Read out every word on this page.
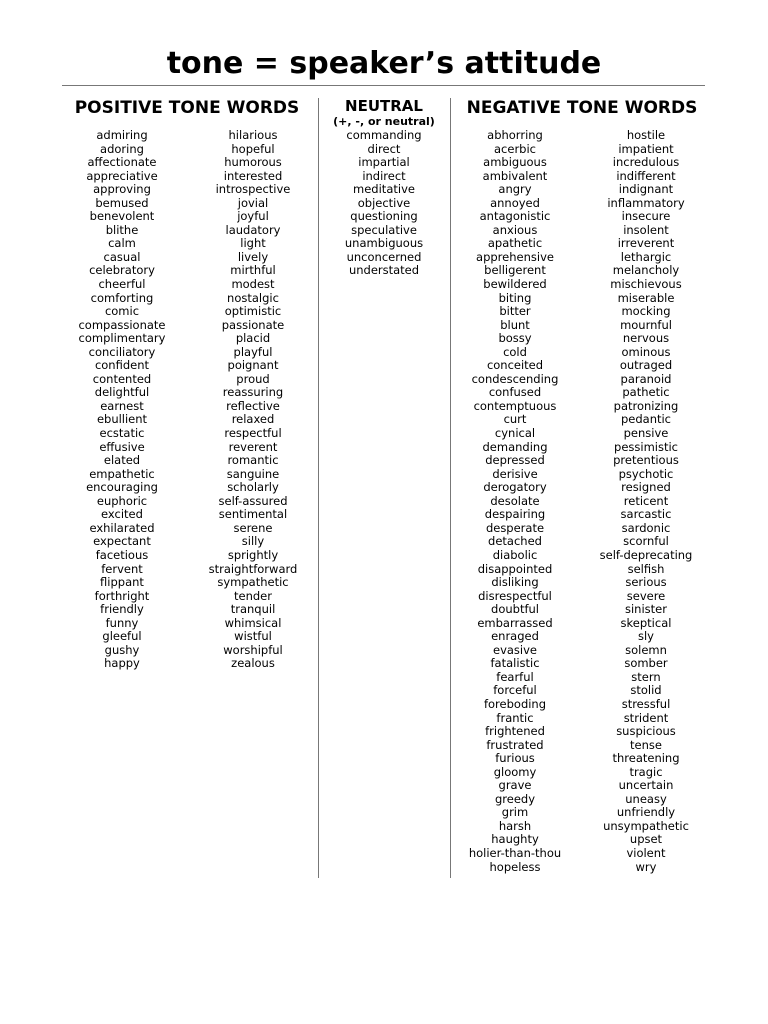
tone = speaker’s attitude
POSITIVE TONE WORDS	NEUTRAL
(+, -, or neutral)
NEGATIVE TONE WORDS
admiring
adoring
affectionate
appreciative
approving
bemused
benevolent
blithe
calm
casual
celebratory
cheerful
comforting
comic
compassionate
complimentary
conciliatory
confident
contented
delightful
earnest
ebullient
ecstatic
effusive
elated
empathetic
encouraging
euphoric
excited
exhilarated
expectant
facetious
fervent
flippant
forthright
friendly
funny
gleeful
gushy
happy
hilarious
hopeful
humorous
interested
introspective
jovial
joyful
laudatory
light
lively
mirthful
modest
nostalgic
optimistic
passionate
placid
playful
poignant
proud
reassuring
reflective
relaxed
respectful
reverent
romantic
sanguine
scholarly
self-assured
sentimental
serene
silly
sprightly
straightforward
sympathetic
tender
tranquil
whimsical
wistful
worshipful
zealous
commanding
direct
impartial
indirect
meditative
objective
questioning
speculative
unambiguous
unconcerned
understated
abhorring
acerbic
ambiguous
ambivalent
angry
annoyed
antagonistic
anxious
apathetic
apprehensive
belligerent
bewildered
biting
bitter
blunt
bossy
cold
conceited
condescending
confused
contemptuous
curt
cynical
demanding
depressed
derisive
derogatory
desolate
despairing
desperate
detached
diabolic
disappointed
disliking
disrespectful
doubtful
embarrassed
enraged
evasive
fatalistic
fearful
forceful
foreboding
frantic
frightened
frustrated
furious
gloomy
grave
greedy
grim
harsh
haughty
holier-than-thou
hopeless
hostile
impatient
incredulous
indifferent
indignant
inflammatory
insecure
insolent
irreverent
lethargic
melancholy
mischievous
miserable
mocking
mournful
nervous
ominous
outraged
paranoid
pathetic
patronizing
pedantic
pensive
pessimistic
pretentious
psychotic
resigned
reticent
sarcastic
sardonic
scornful
self-deprecating
selfish
serious
severe
sinister
skeptical
sly
solemn
somber
stern
stolid
stressful
strident
suspicious
tense
threatening
tragic
uncertain
uneasy
unfriendly
unsympathetic
upset
violent
wry
